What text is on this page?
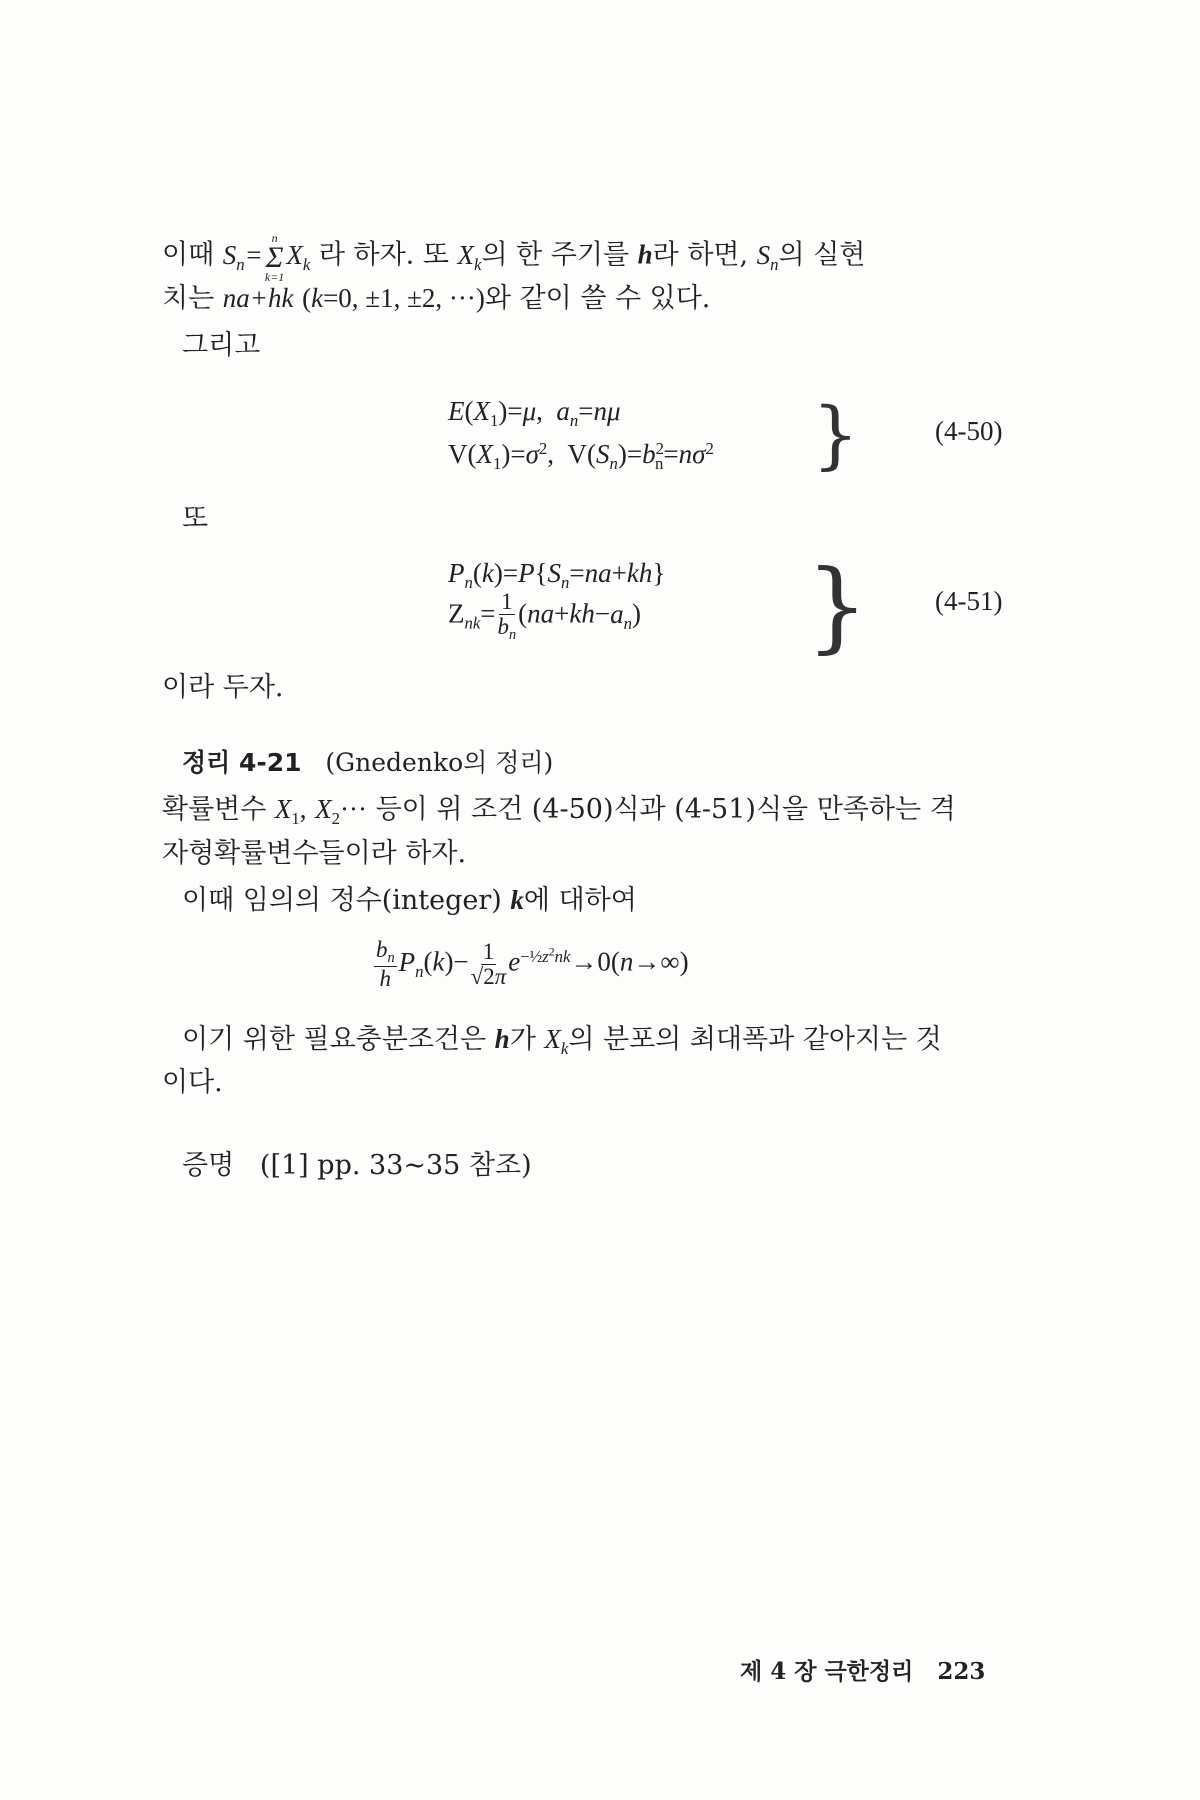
이때 $S_n=$
n
Σ
k=1
$X_k$ 라 하자. 또 $X_k$의 한 주기를 h라 하면, $S_n$의 실현
치는 na+hk (k=0, ±1, ±2, ···)와 같이 쓸 수 있다.
그리고
$E(X_1)=\mu$,  $a_n=n\mu$
$V(X_1)=\sigma^2$,  $V(S_n)=b^2_n=n\sigma^2$ }	(4-50)
또
$P_n(k)=P\{S_n=na+kh\}$
$Z_{nk}= \frac{1}{b_n} (na+kh-a_n)$ } (4-51)
이라 두자.
정리 4-21 (Gnedenko의 정리)
확률변수 $X_1$, $X_2\cdot\cdot\cdot$ 등이 위 조건 (4-50)식과 (4-51)식을 만족하는 격
자형확률변수들이라 하자.
이때 임의의 정수(integer) k에 대하여
$\frac{b_n}{h} P_n(k)- \frac{1}{√2\pi} e^{-\frac{1}{2}z^2nk}\to 0(n\to\infty)$
이기 위한 필요충분조건은 h가 $X_k$의 분포의 최대폭과 같아지는 것
이다.
증명 ([1] pp. 33∼35 참조)
제 4 장 극한정리 223
